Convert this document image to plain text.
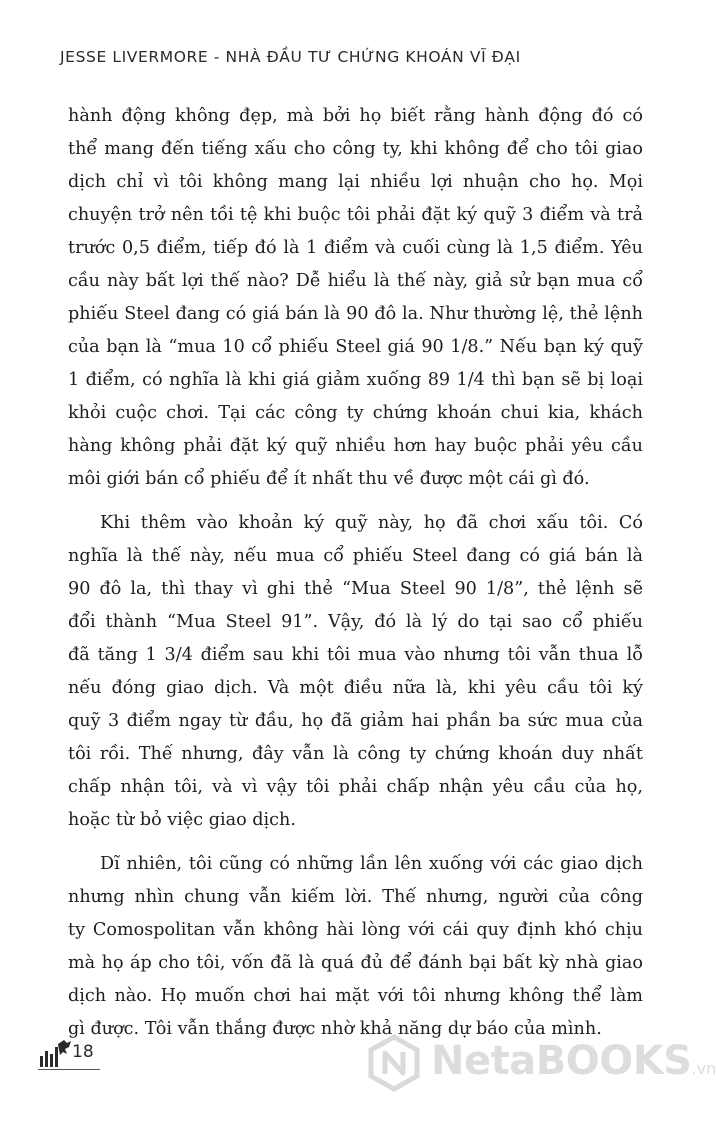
JESSE LIVERMORE - NHÀ ĐẦU TƯ CHỨNG KHOÁN VĨ ĐẠI
hành động không đẹp, mà bởi họ biết rằng hành động đó có
thể mang đến tiếng xấu cho công ty, khi không để cho tôi giao
dịch chỉ vì tôi không mang lại nhiều lợi nhuận cho họ. Mọi
chuyện trở nên tồi tệ khi buộc tôi phải đặt ký quỹ 3 điểm và trả
trước 0,5 điểm, tiếp đó là 1 điểm và cuối cùng là 1,5 điểm. Yêu
cầu này bất lợi thế nào? Dễ hiểu là thế này, giả sử bạn mua cổ
phiếu Steel đang có giá bán là 90 đô la. Như thường lệ, thẻ lệnh
của bạn là “mua 10 cổ phiếu Steel giá 90 1/8.” Nếu bạn ký quỹ
1 điểm, có nghĩa là khi giá giảm xuống 89 1/4 thì bạn sẽ bị loại
khỏi cuộc chơi. Tại các công ty chứng khoán chui kia, khách
hàng không phải đặt ký quỹ nhiều hơn hay buộc phải yêu cầu
môi giới bán cổ phiếu để ít nhất thu về được một cái gì đó.
Khi thêm vào khoản ký quỹ này, họ đã chơi xấu tôi. Có
nghĩa là thế này, nếu mua cổ phiếu Steel đang có giá bán là
90 đô la, thì thay vì ghi thẻ “Mua Steel 90 1/8”, thẻ lệnh sẽ
đổi thành “Mua Steel 91”. Vậy, đó là lý do tại sao cổ phiếu
đã tăng 1 3/4 điểm sau khi tôi mua vào nhưng tôi vẫn thua lỗ
nếu đóng giao dịch. Và một điều nữa là, khi yêu cầu tôi ký
quỹ 3 điểm ngay từ đầu, họ đã giảm hai phần ba sức mua của
tôi rồi. Thế nhưng, đây vẫn là công ty chứng khoán duy nhất
chấp nhận tôi, và vì vậy tôi phải chấp nhận yêu cầu của họ,
hoặc từ bỏ việc giao dịch.
Dĩ nhiên, tôi cũng có những lần lên xuống với các giao dịch
nhưng nhìn chung vẫn kiếm lời. Thế nhưng, người của công
ty Comospolitan vẫn không hài lòng với cái quy định khó chịu
mà họ áp cho tôi, vốn đã là quá đủ để đánh bại bất kỳ nhà giao
dịch nào. Họ muốn chơi hai mặt với tôi nhưng không thể làm
gì được. Tôi vẫn thắng được nhờ khả năng dự báo của mình.
18	NetaBOOKS.vn
